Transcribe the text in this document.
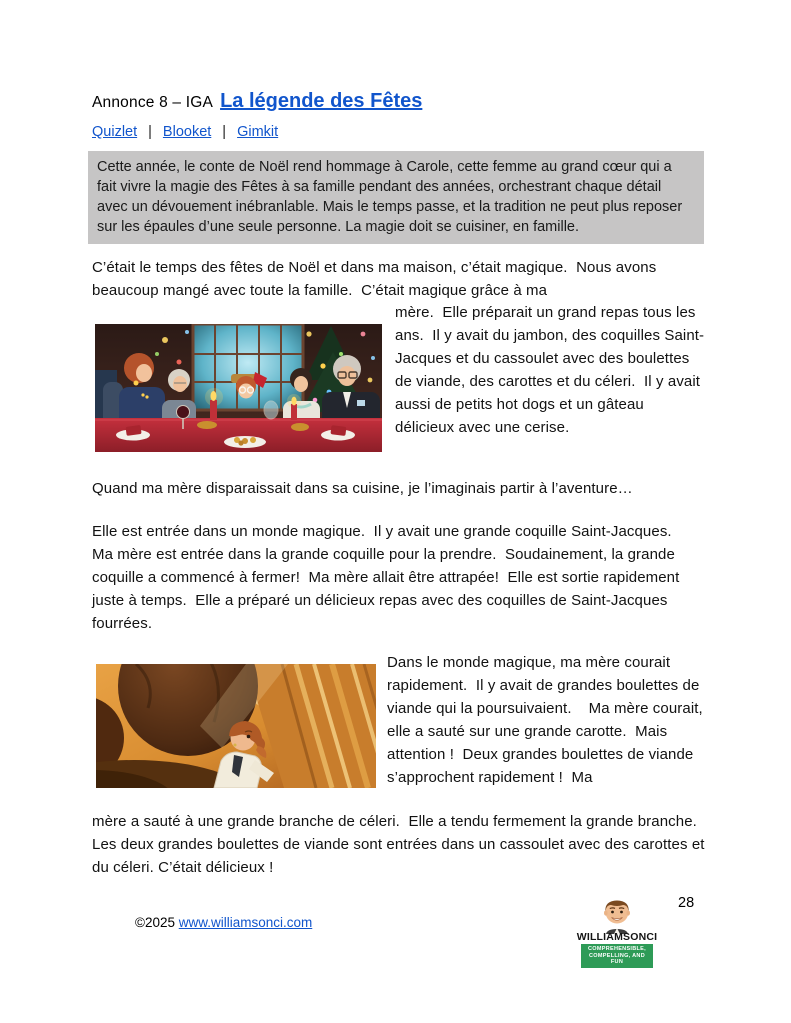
Annonce 8 – IGA La légende des Fêtes
Quizlet | Blooket | Gimkit
Cette année, le conte de Noël rend hommage à Carole, cette femme au grand cœur qui a fait vivre la magie des Fêtes à sa famille pendant des années, orchestrant chaque détail avec un dévouement inébranlable. Mais le temps passe, et la tradition ne peut plus reposer sur les épaules d’une seule personne. La magie doit se cuisiner, en famille.
C’était le temps des fêtes de Noël et dans ma maison, c’était magique.  Nous avons beaucoup mangé avec toute la famille.  C’était magique grâce à ma
mère.  Elle préparait un grand repas tous les ans.  Il y avait du jambon, des coquilles Saint-Jacques et du cassoulet avec des boulettes de viande, des carottes et du céleri.  Il y avait aussi de petits hot dogs et un gâteau délicieux avec une cerise.
Quand ma mère disparaissait dans sa cuisine, je l’imaginais partir à l’aventure…
Elle est entrée dans un monde magique.  Il y avait une grande coquille Saint-Jacques.   Ma mère est entrée dans la grande coquille pour la prendre.  Soudainement, la grande coquille a commencé à fermer!  Ma mère allait être attrapée!  Elle est sortie rapidement juste à temps.  Elle a préparé un délicieux repas avec des coquilles de Saint-Jacques fourrées.
Dans le monde magique, ma mère courait rapidement.  Il y avait de grandes boulettes de viande qui la poursuivaient.    Ma mère courait, elle a sauté sur une grande carotte.  Mais attention !  Deux grandes boulettes de viande s’approchent rapidement !  Ma
mère a sauté à une grande branche de céleri.  Elle a tendu fermement la grande branche.  Les deux grandes boulettes de viande sont entrées dans un cassoulet avec des carottes et du céleri. C’était délicieux !
©2025 www.williamsonci.com
28
WILLIAMSONCI
COMPREHENSIBLE, COMPELLING, AND FUN
